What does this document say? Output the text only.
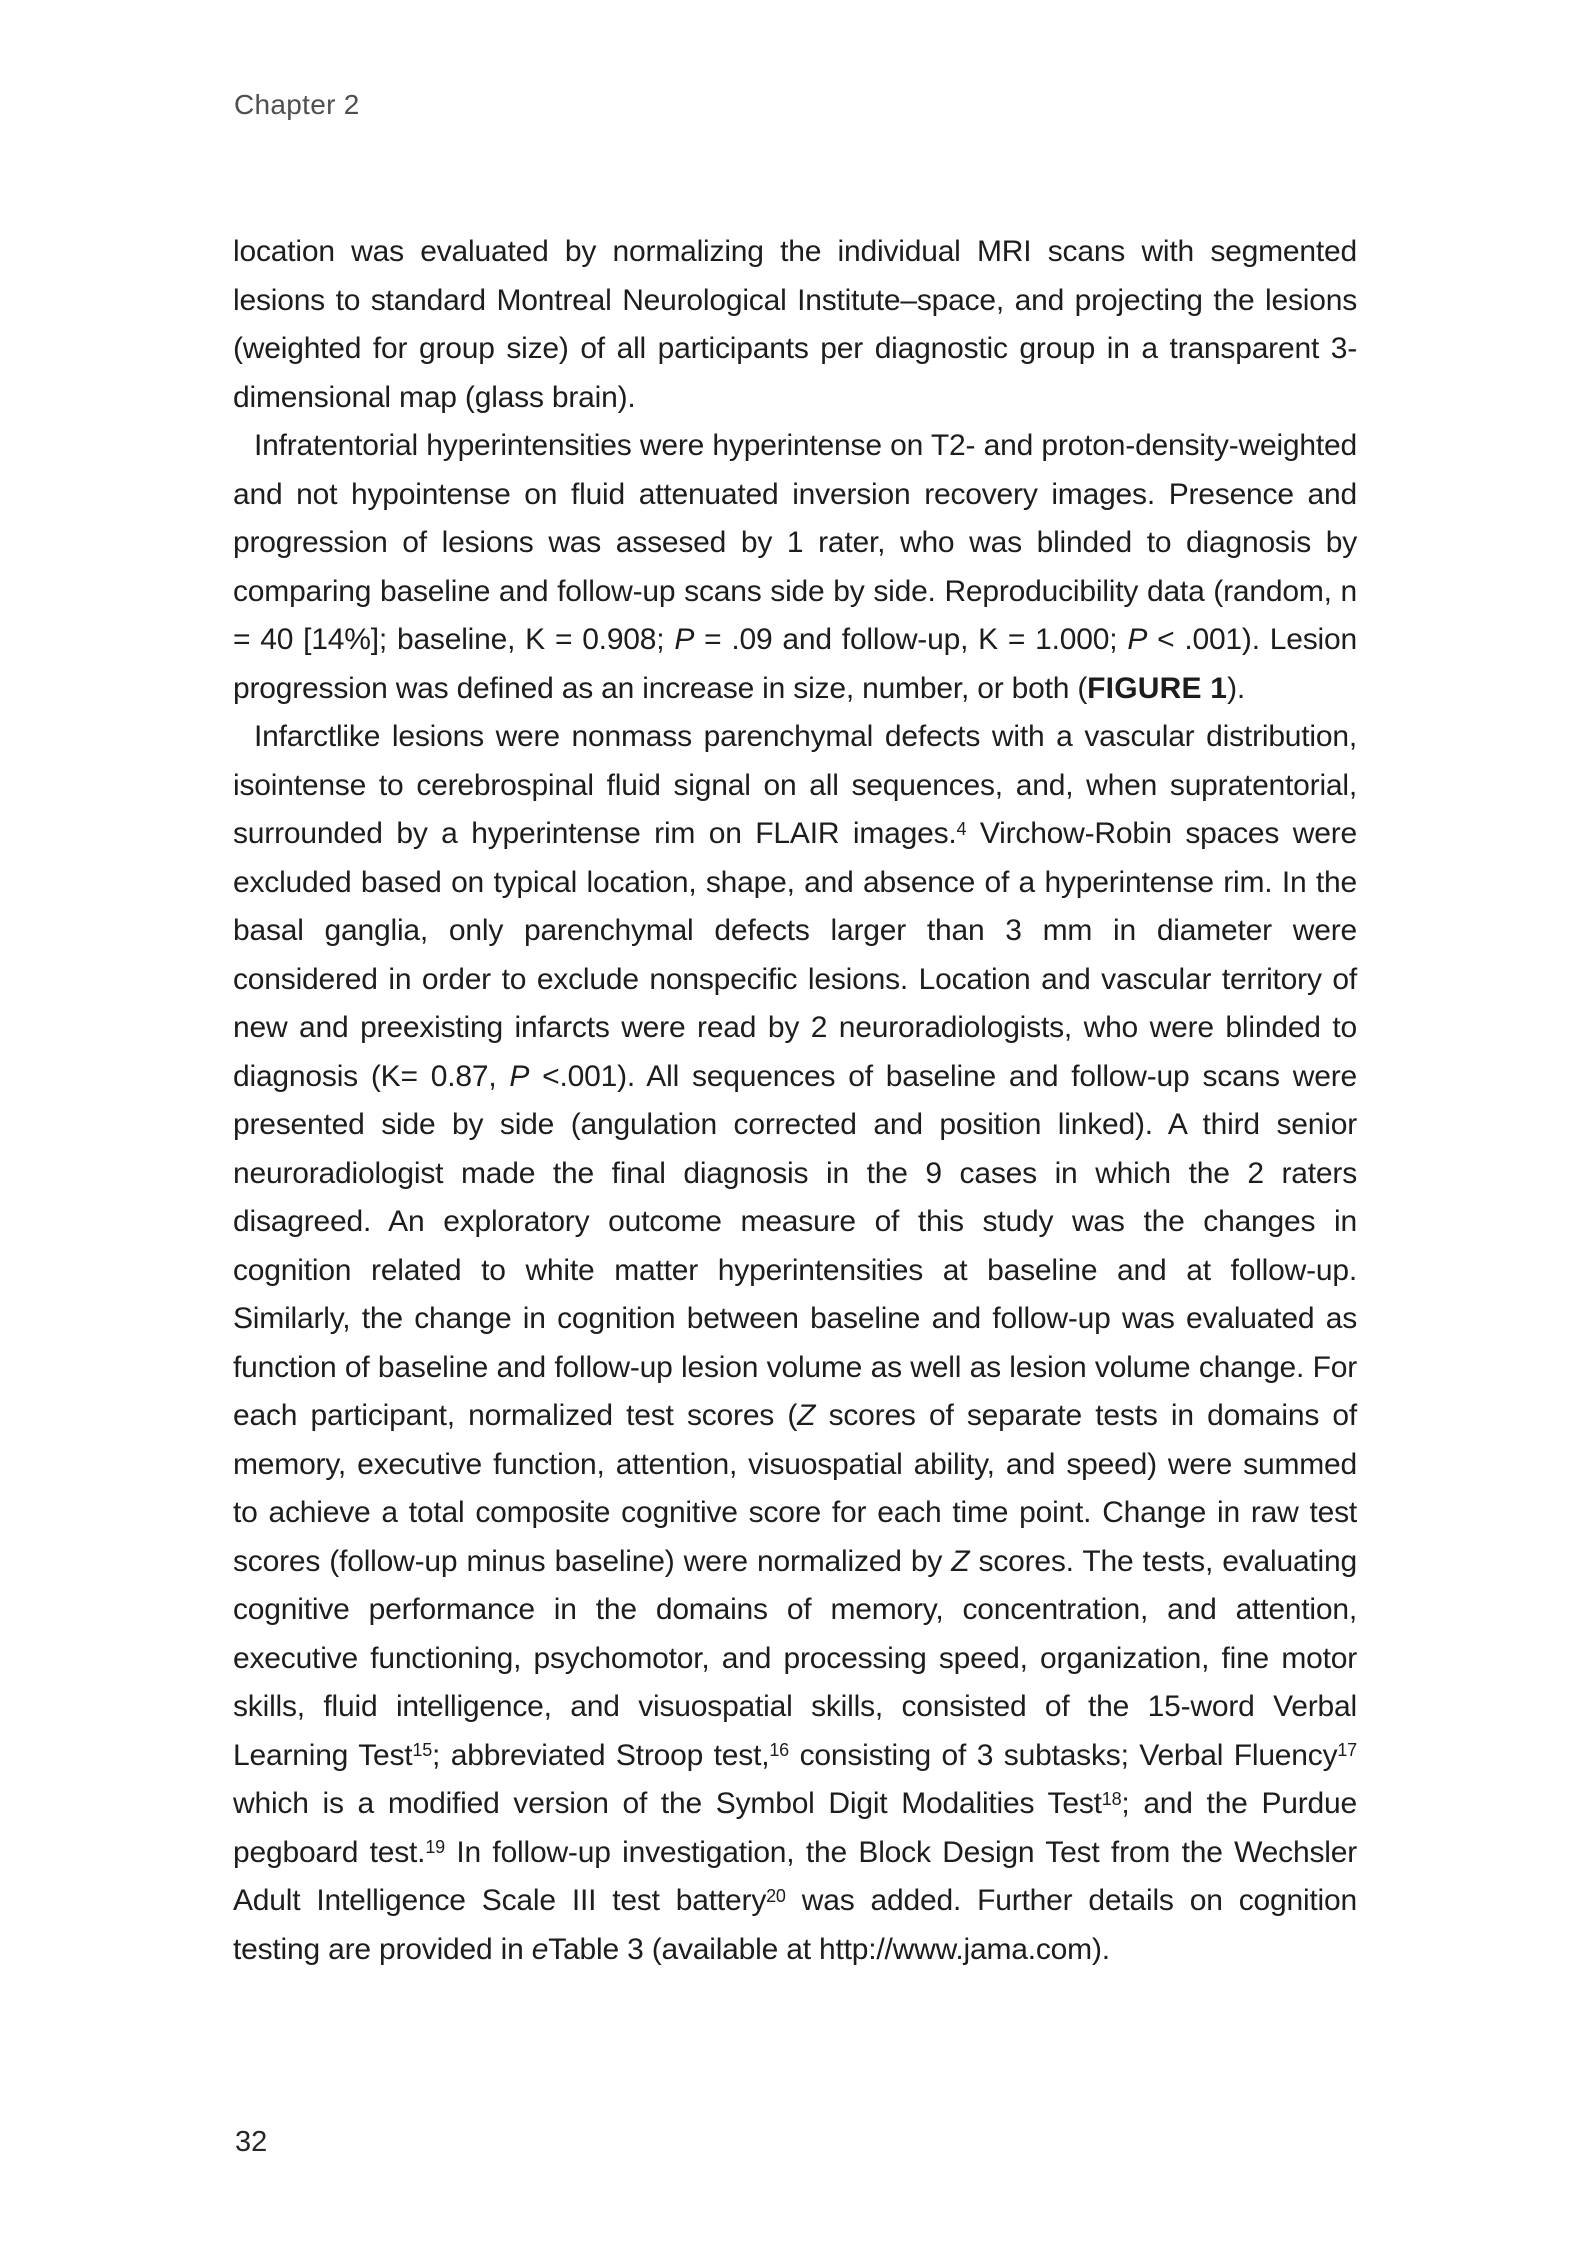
Chapter 2

location was evaluated by normalizing the individual MRI scans with segmented lesions to standard Montreal Neurological Institute–space, and projecting the lesions (weighted for group size) of all participants per diagnostic group in a transparent 3-dimensional map (glass brain).

Infratentorial hyperintensities were hyperintense on T2- and proton-density-weighted and not hypointense on fluid attenuated inversion recovery images. Presence and progression of lesions was assesed by 1 rater, who was blinded to diagnosis by comparing baseline and follow-up scans side by side. Reproducibility data (random, n = 40 [14%]; baseline, K = 0.908; P = .09 and follow-up, K = 1.000; P < .001). Lesion progression was defined as an increase in size, number, or both (FIGURE 1).

Infarctlike lesions were nonmass parenchymal defects with a vascular distribution, isointense to cerebrospinal fluid signal on all sequences, and, when supratentorial, surrounded by a hyperintense rim on FLAIR images.$^4$ Virchow-Robin spaces were excluded based on typical location, shape, and absence of a hyperintense rim. In the basal ganglia, only parenchymal defects larger than 3 mm in diameter were considered in order to exclude nonspecific lesions. Location and vascular territory of new and preexisting infarcts were read by 2 neuroradiologists, who were blinded to diagnosis (K= 0.87, P <.001). All sequences of baseline and follow-up scans were presented side by side (angulation corrected and position linked). A third senior neuroradiologist made the final diagnosis in the 9 cases in which the 2 raters disagreed. An exploratory outcome measure of this study was the changes in cognition related to white matter hyperintensities at baseline and at follow-up. Similarly, the change in cognition between baseline and follow-up was evaluated as function of baseline and follow-up lesion volume as well as lesion volume change. For each participant, normalized test scores (Z scores of separate tests in domains of memory, executive function, attention, visuospatial ability, and speed) were summed to achieve a total composite cognitive score for each time point. Change in raw test scores (follow-up minus baseline) were normalized by Z scores. The tests, evaluating cognitive performance in the domains of memory, concentration, and attention, executive functioning, psychomotor, and processing speed, organization, fine motor skills, fluid intelligence, and visuospatial skills, consisted of the 15-word Verbal Learning Test$^{15}$; abbreviated Stroop test,$^{16}$ consisting of 3 subtasks; Verbal Fluency$^{17}$ which is a modified version of the Symbol Digit Modalities Test$^{18}$; and the Purdue pegboard test.$^{19}$ In follow-up investigation, the Block Design Test from the Wechsler Adult Intelligence Scale III test battery$^{20}$ was added. Further details on cognition testing are provided in eTable 3 (available at http://www.jama.com).

32
